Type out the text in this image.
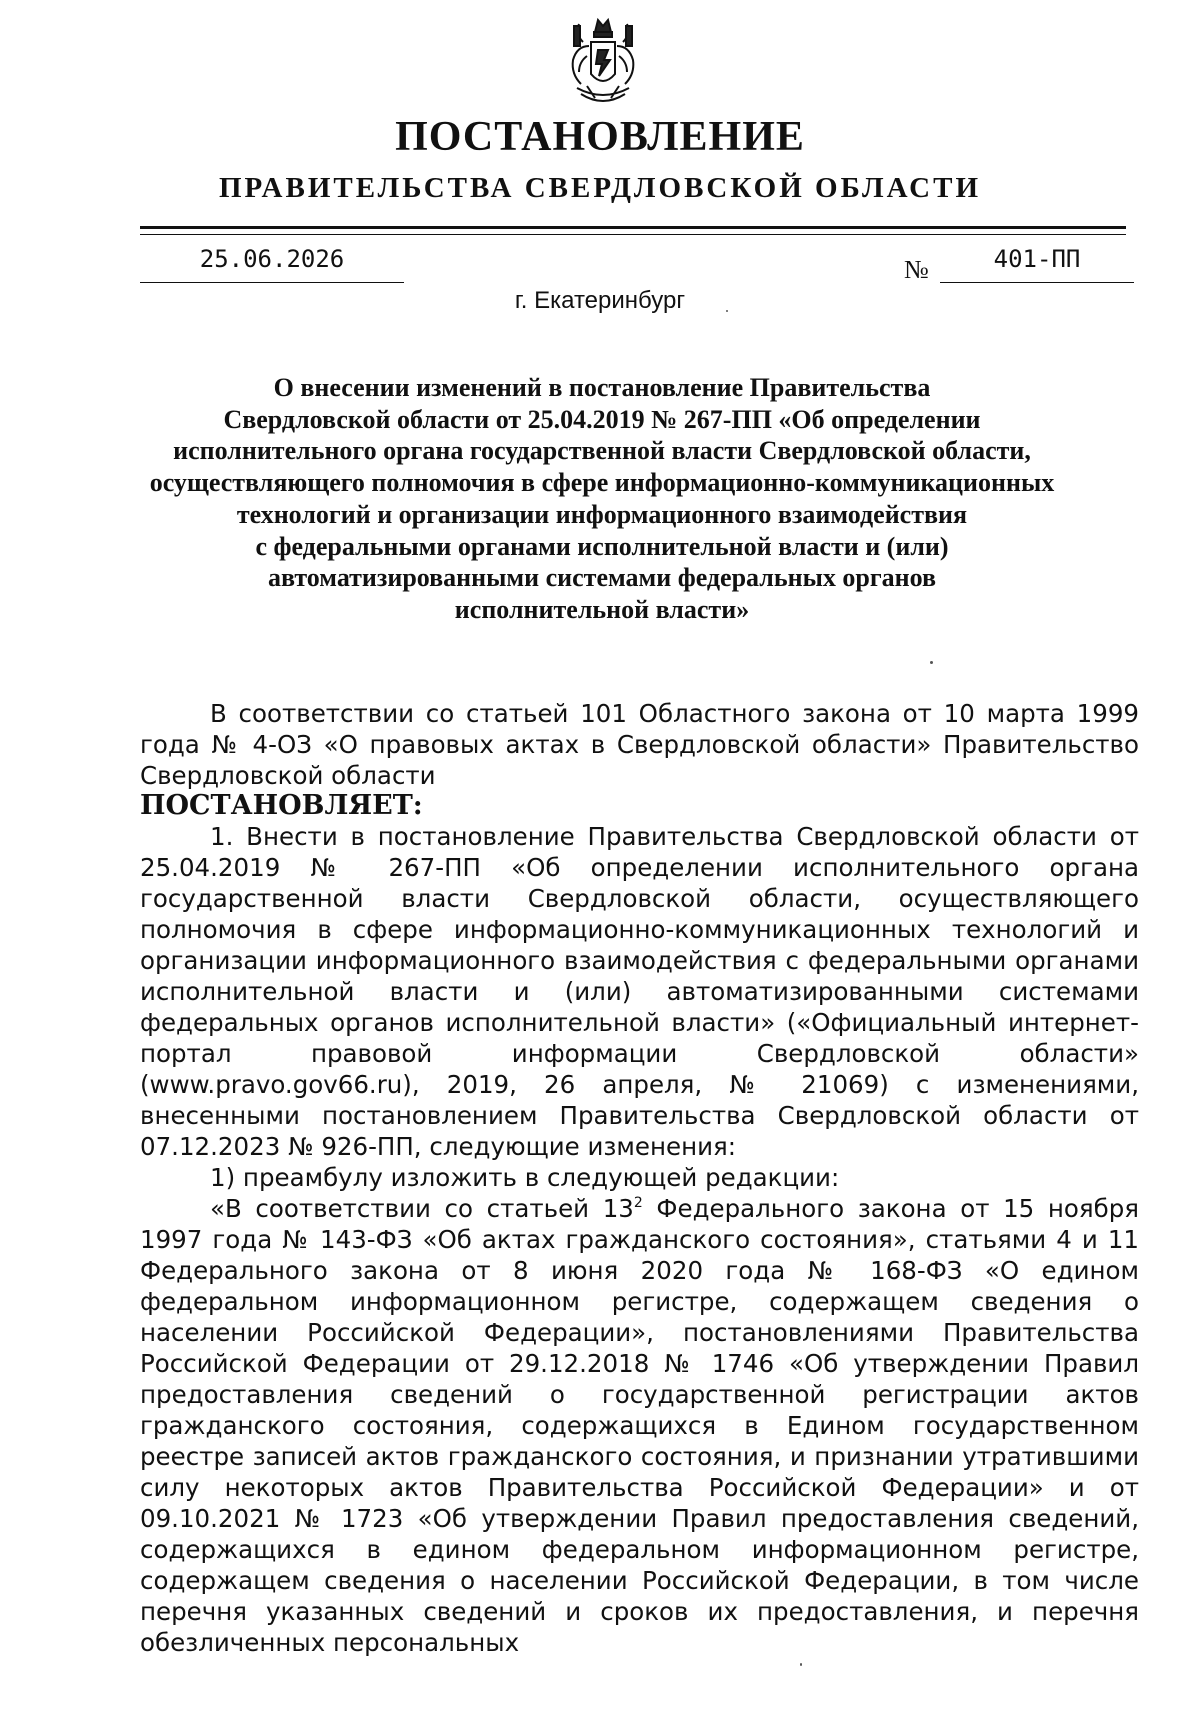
ПОСТАНОВЛЕНИЕ
ПРАВИТЕЛЬСТВА СВЕРДЛОВСКОЙ ОБЛАСТИ
25.06.2026	№	401-ПП
г. Екатеринбург
О внесении изменений в постановление Правительства
Свердловской области от 25.04.2019 № 267-ПП «Об определении
исполнительного органа государственной власти Свердловской области,
осуществляющего полномочия в сфере информационно-коммуникационных
технологий и организации информационного взаимодействия
с федеральными органами исполнительной власти и (или)
автоматизированными системами федеральных органов
исполнительной власти»

В соответствии со статьей 101 Областного закона от 10 марта 1999 года № 4-ОЗ «О правовых актах в Свердловской области» Правительство Свердловской области

ПОСТАНОВЛЯЕТ:

1. Внести в постановление Правительства Свердловской области от 25.04.2019 № 267-ПП «Об определении исполнительного органа государственной власти Свердловской области, осуществляющего полномочия в сфере информационно-коммуникационных технологий и организации информационного взаимодействия с федеральными органами исполнительной власти и (или) автоматизированными системами федеральных органов исполнительной власти» («Официальный интернет-портал правовой информации Свердловской области» (www.pravo.gov66.ru), 2019, 26 апреля, № 21069) с изменениями, внесенными постановлением Правительства Свердловской области от 07.12.2023 № 926-ПП, следующие изменения:

1) преамбулу изложить в следующей редакции:

«В соответствии со статьей $13^2$ Федерального закона от 15 ноября 1997 года № 143-ФЗ «Об актах гражданского состояния», статьями 4 и 11 Федерального закона от 8 июня 2020 года № 168-ФЗ «О едином федеральном информационном регистре, содержащем сведения о населении Российской Федерации», постановлениями Правительства Российской Федерации от 29.12.2018 № 1746 «Об утверждении Правил предоставления сведений о государственной регистрации актов гражданского состояния, содержащихся в Едином государственном реестре записей актов гражданского состояния, и признании утратившими силу некоторых актов Правительства Российской Федерации» и от 09.10.2021 № 1723 «Об утверждении Правил предоставления сведений, содержащихся в едином федеральном информационном регистре, содержащем сведения о населении Российской Федерации, в том числе перечня указанных сведений и сроков их предоставления, и перечня обезличенных персональных
